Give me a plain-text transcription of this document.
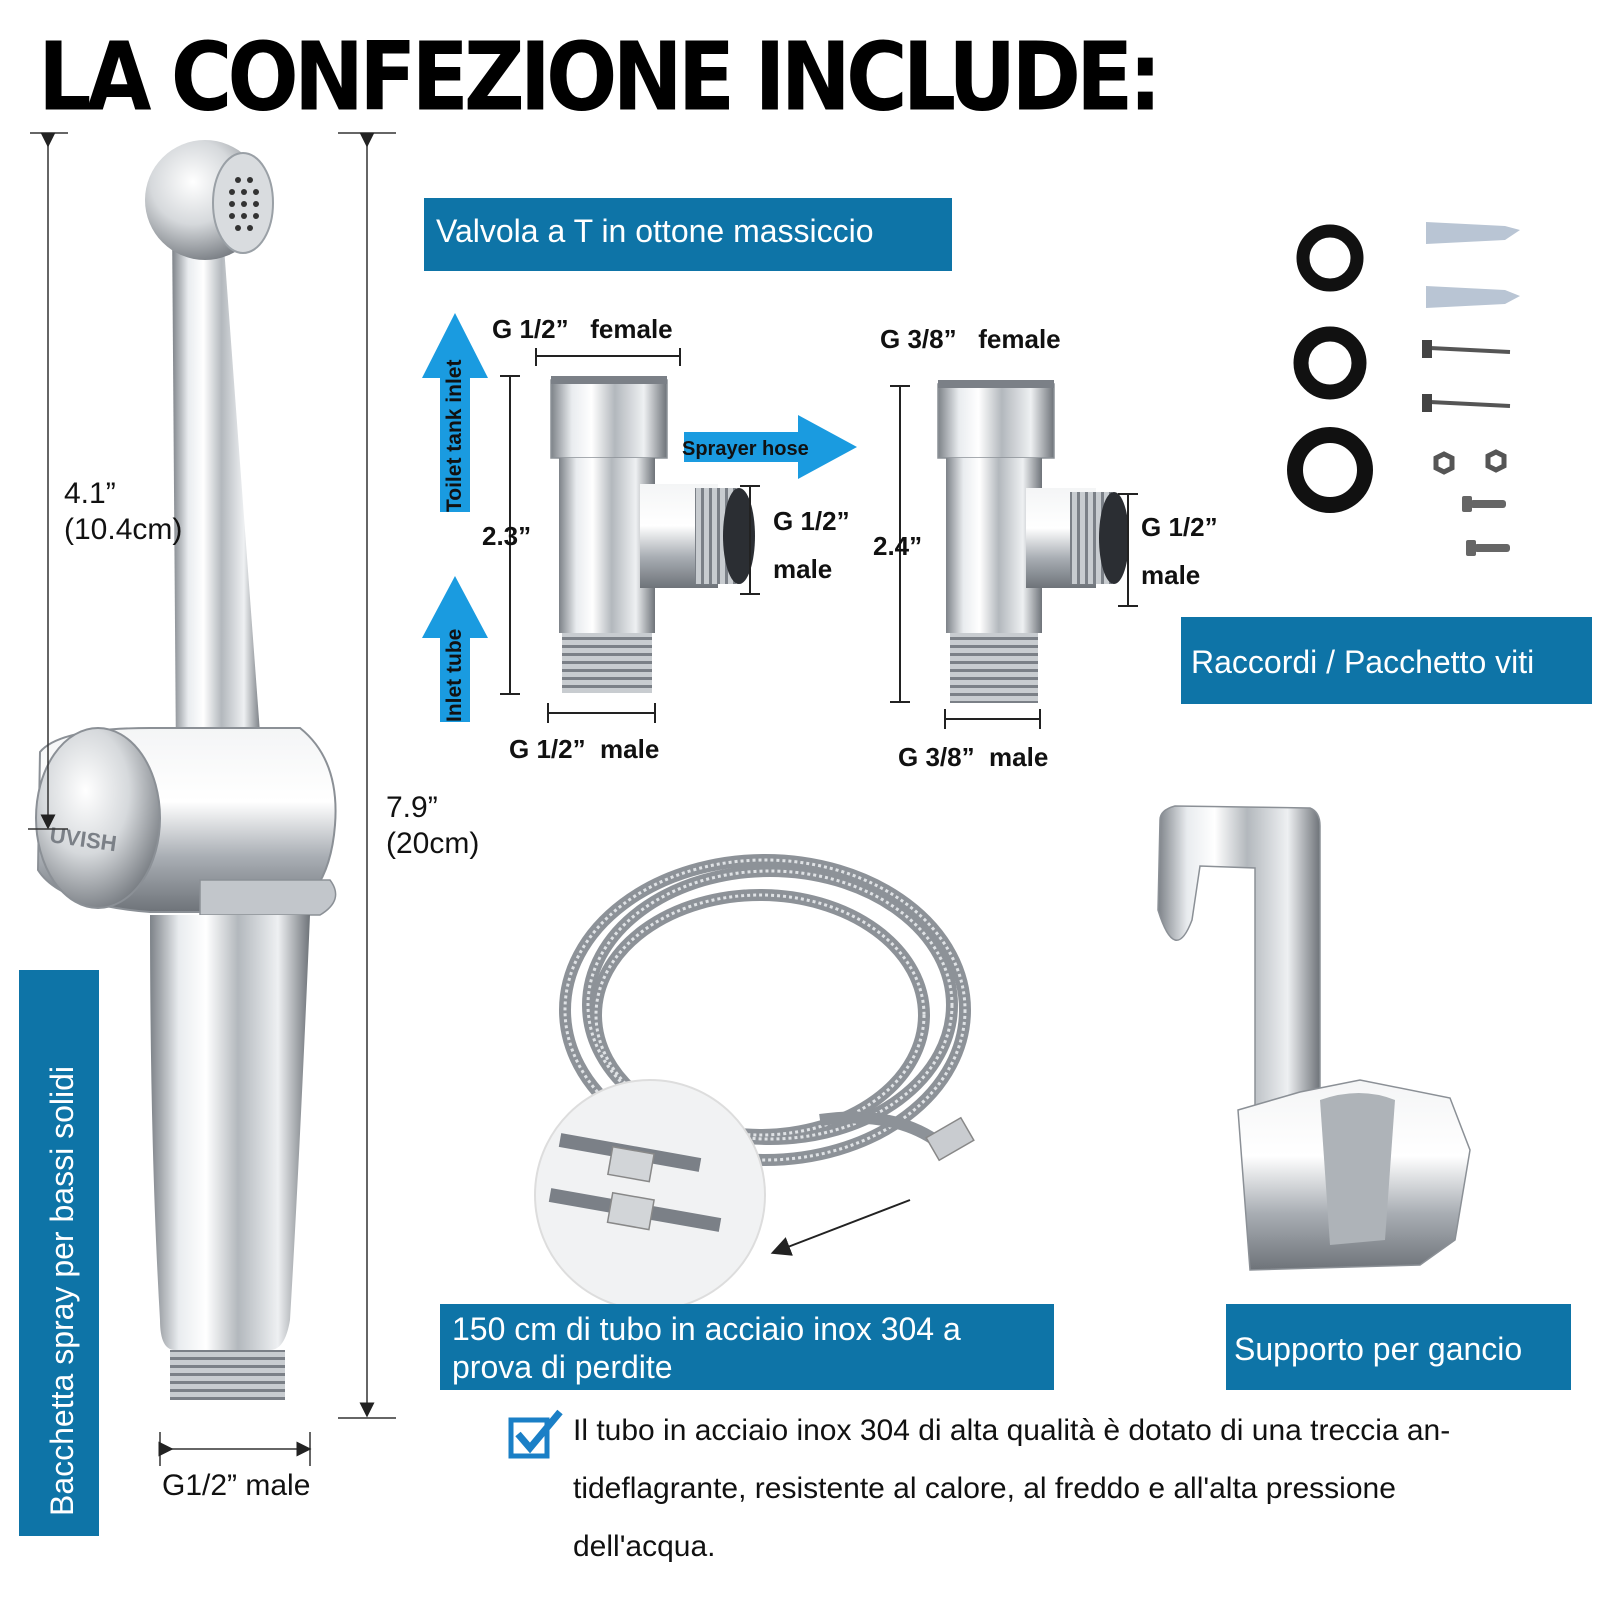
LA CONFEZIONE INCLUDE:
UVISH
4.1”
(10.4cm)
7.9”
(20cm)
G1/2” male
Bacchetta spray per bassi solidi
Valvola a T in ottone massiccio
Toilet tank inlet
Inlet tube
Sprayer hose
G 1/2”   female
2.3”	G 1/2”
male
G 1/2”  male
G 3/8”   female
2.4”
G 1/2”
male
G 3/8”  male
Raccordi / Pacchetto viti
150 cm di tubo in acciaio inox 304 a
prova di perdite	Supporto per gancio
Il tubo in acciaio inox 304 di alta qualità è dotato di una treccia an-
tideflagrante, resistente al calore, al freddo e all'alta pressione
dell'acqua.
